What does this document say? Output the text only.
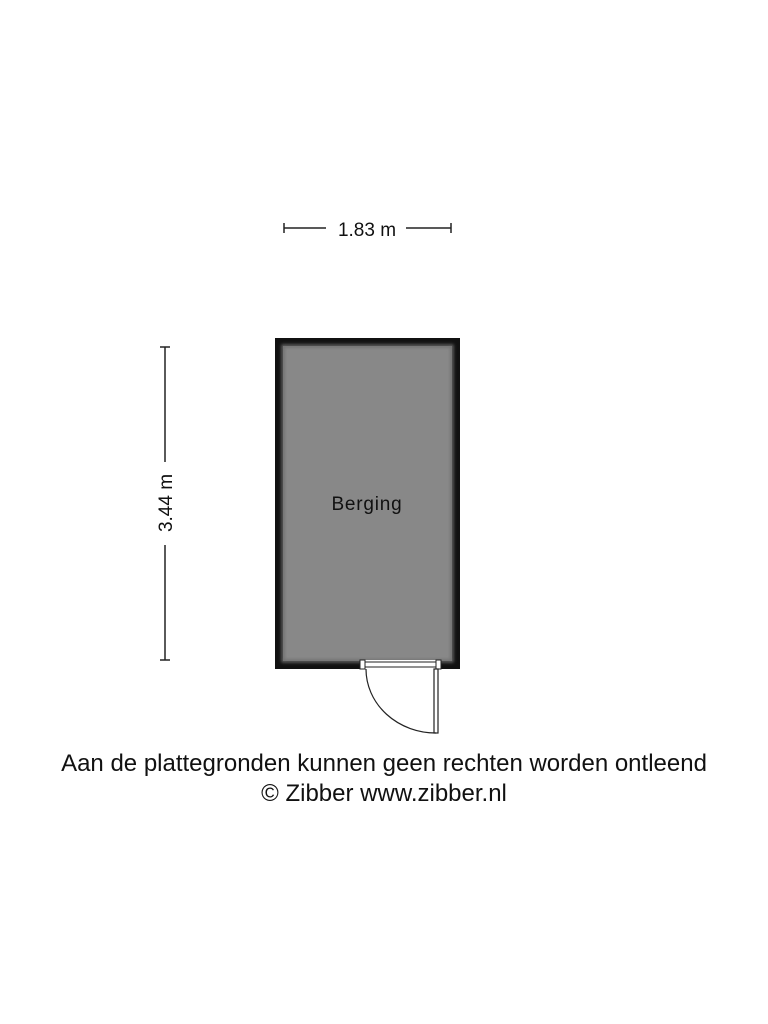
1.83 m
3.44 m	Berging
Aan de plattegronden kunnen geen rechten worden ontleend
© Zibber www.zibber.nl
